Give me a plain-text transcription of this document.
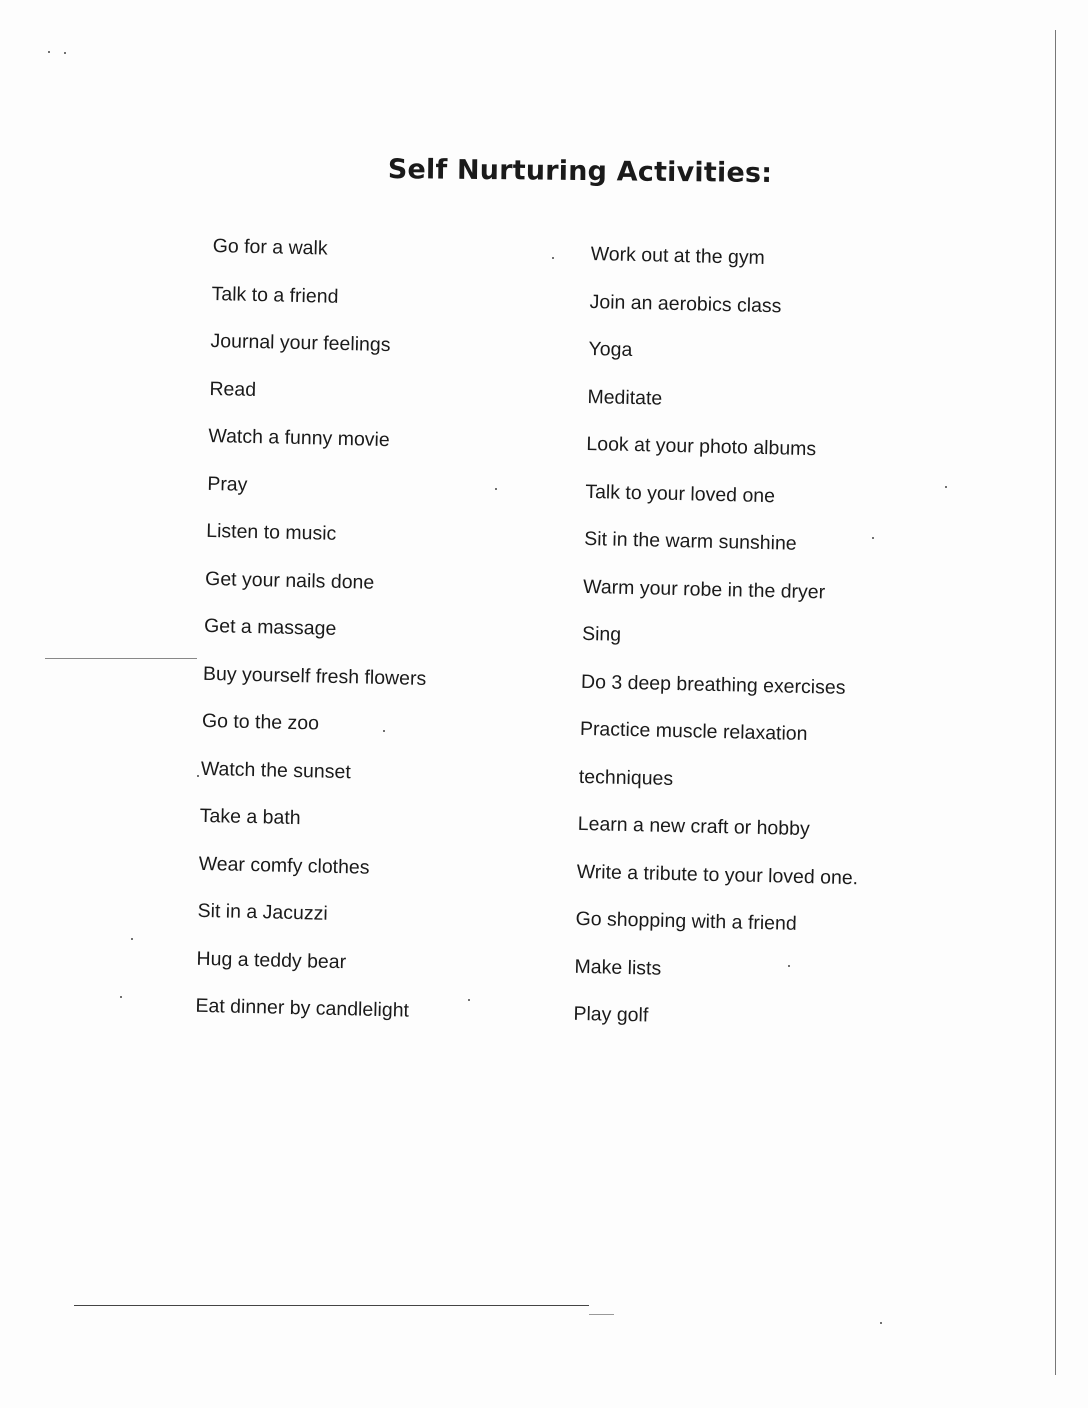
Self Nurturing Activities:
Go for a walk
Talk to a friend
Journal your feelings
Read
Watch a funny movie
Pray
Listen to music
Get your nails done
Get a massage
Buy yourself fresh flowers
Go to the zoo
Watch the sunset
Take a bath
Wear comfy clothes
Sit in a Jacuzzi
Hug a teddy bear
Eat dinner by candlelight
Work out at the gym
Join an aerobics class
Yoga
Meditate
Look at your photo albums
Talk to your loved one
Sit in the warm sunshine
Warm your robe in the dryer
Sing
Do 3 deep breathing exercises
Practice muscle relaxation
techniques
Learn a new craft or hobby
Write a tribute to your loved one.
Go shopping with a friend
Make lists
Play golf
